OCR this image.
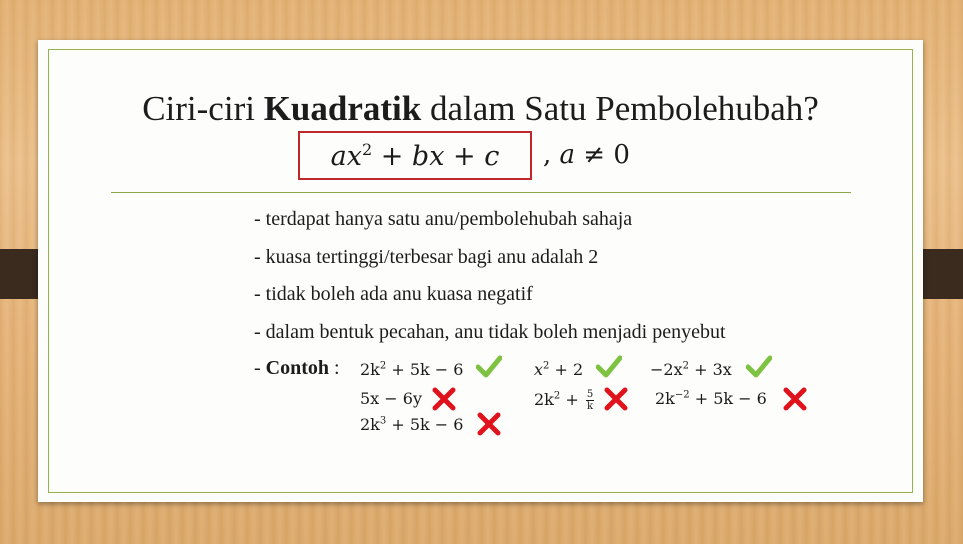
Ciri-ciri Kuadratik dalam Satu Pembolehubah?
$ax^2$ + bx + c	, a ≠ 0
- terdapat hanya satu anu/pembolehubah sahaja
- kuasa tertinggi/terbesar bagi anu adalah 2
- tidak boleh ada anu kuasa negatif
- dalam bentuk pecahan, anu tidak boleh menjadi penyebut
- Contoh : $2k^2 + 5k - 6$	$x^2 + 2$	$-2x^2 + 3x$
5x − 6y	$2k^2 + \frac{5}{k}$	$2k^{-2} + 5k - 6$
$2k^3 + 5k - 6$
